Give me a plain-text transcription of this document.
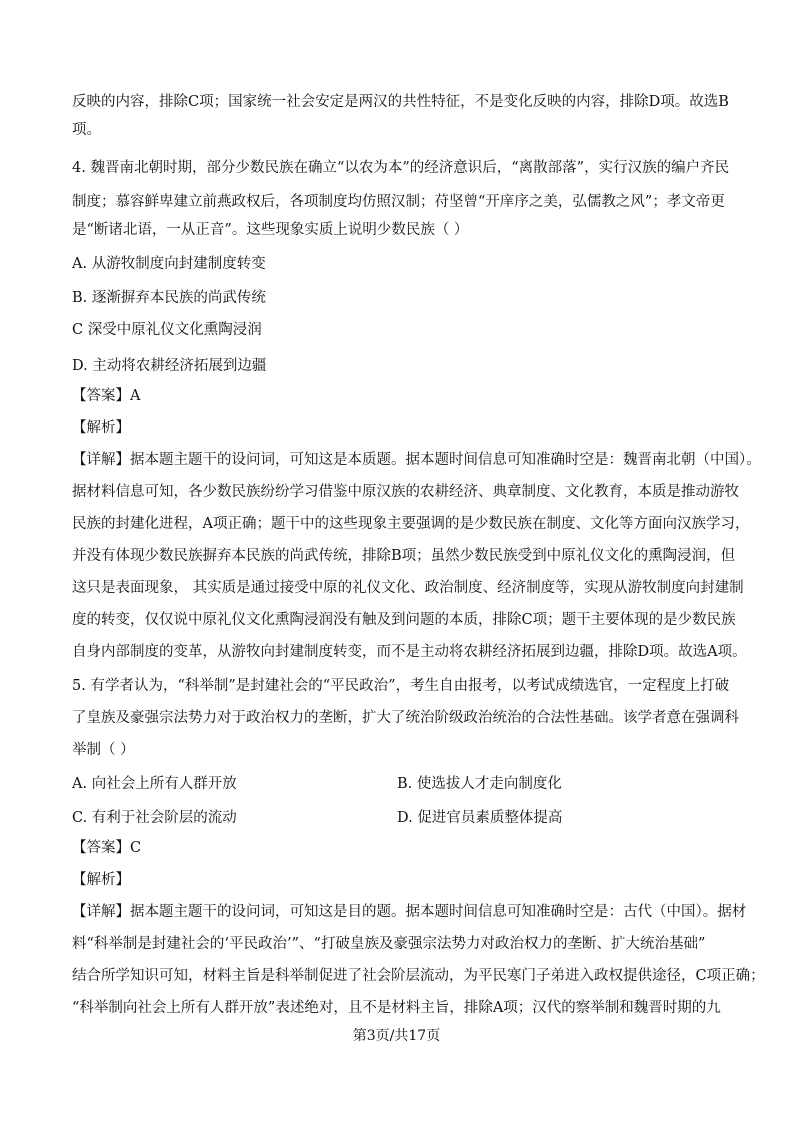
反映的内容，排除C项；国家统一社会安定是两汉的共性特征，不是变化反映的内容，排除D项。故选B
项。
4. 魏晋南北朝时期，部分少数民族在确立“以农为本”的经济意识后，“离散部落”，实行汉族的编户齐民
制度；慕容鲜卑建立前燕政权后，各项制度均仿照汉制；苻坚曾“开庠序之美，弘儒教之风”；孝文帝更
是“断诸北语，一从正音”。这些现象实质上说明少数民族（ ）
A. 从游牧制度向封建制度转变
B. 逐渐摒弃本民族的尚武传统
C 深受中原礼仪文化熏陶浸润
D. 主动将农耕经济拓展到边疆
【答案】A
【解析】
【详解】据本题主题干的设问词，可知这是本质题。据本题时间信息可知准确时空是：魏晋南北朝（中国）。
据材料信息可知，各少数民族纷纷学习借鉴中原汉族的农耕经济、典章制度、文化教育，本质是推动游牧
民族的封建化进程，A项正确；题干中的这些现象主要强调的是少数民族在制度、文化等方面向汉族学习，
并没有体现少数民族摒弃本民族的尚武传统，排除B项；虽然少数民族受到中原礼仪文化的熏陶浸润，但
这只是表面现象， 其实质是通过接受中原的礼仪文化、政治制度、经济制度等，实现从游牧制度向封建制
度的转变，仅仅说中原礼仪文化熏陶浸润没有触及到问题的本质，排除C项；题干主要体现的是少数民族
自身内部制度的变革，从游牧向封建制度转变，而不是主动将农耕经济拓展到边疆，排除D项。故选A项。
5. 有学者认为，“科举制”是封建社会的“平民政治”，考生自由报考，以考试成绩选官，一定程度上打破
了皇族及豪强宗法势力对于政治权力的垄断，扩大了统治阶级政治统治的合法性基础。该学者意在强调科
举制（ ）
A. 向社会上所有人群开放	B. 使选拔人才走向制度化
C. 有利于社会阶层的流动	D. 促进官员素质整体提高
【答案】C
【解析】
【详解】据本题主题干的设问词，可知这是目的题。据本题时间信息可知准确时空是：古代（中国）。据材
料“科举制是封建社会的‘平民政治’”、“打破皇族及豪强宗法势力对政治权力的垄断、扩大统治基础”
结合所学知识可知，材料主旨是科举制促进了社会阶层流动，为平民寒门子弟进入政权提供途径，C项正确；
“科举制向社会上所有人群开放”表述绝对，且不是材料主旨，排除A项；汉代的察举制和魏晋时期的九
第3页/共17页
